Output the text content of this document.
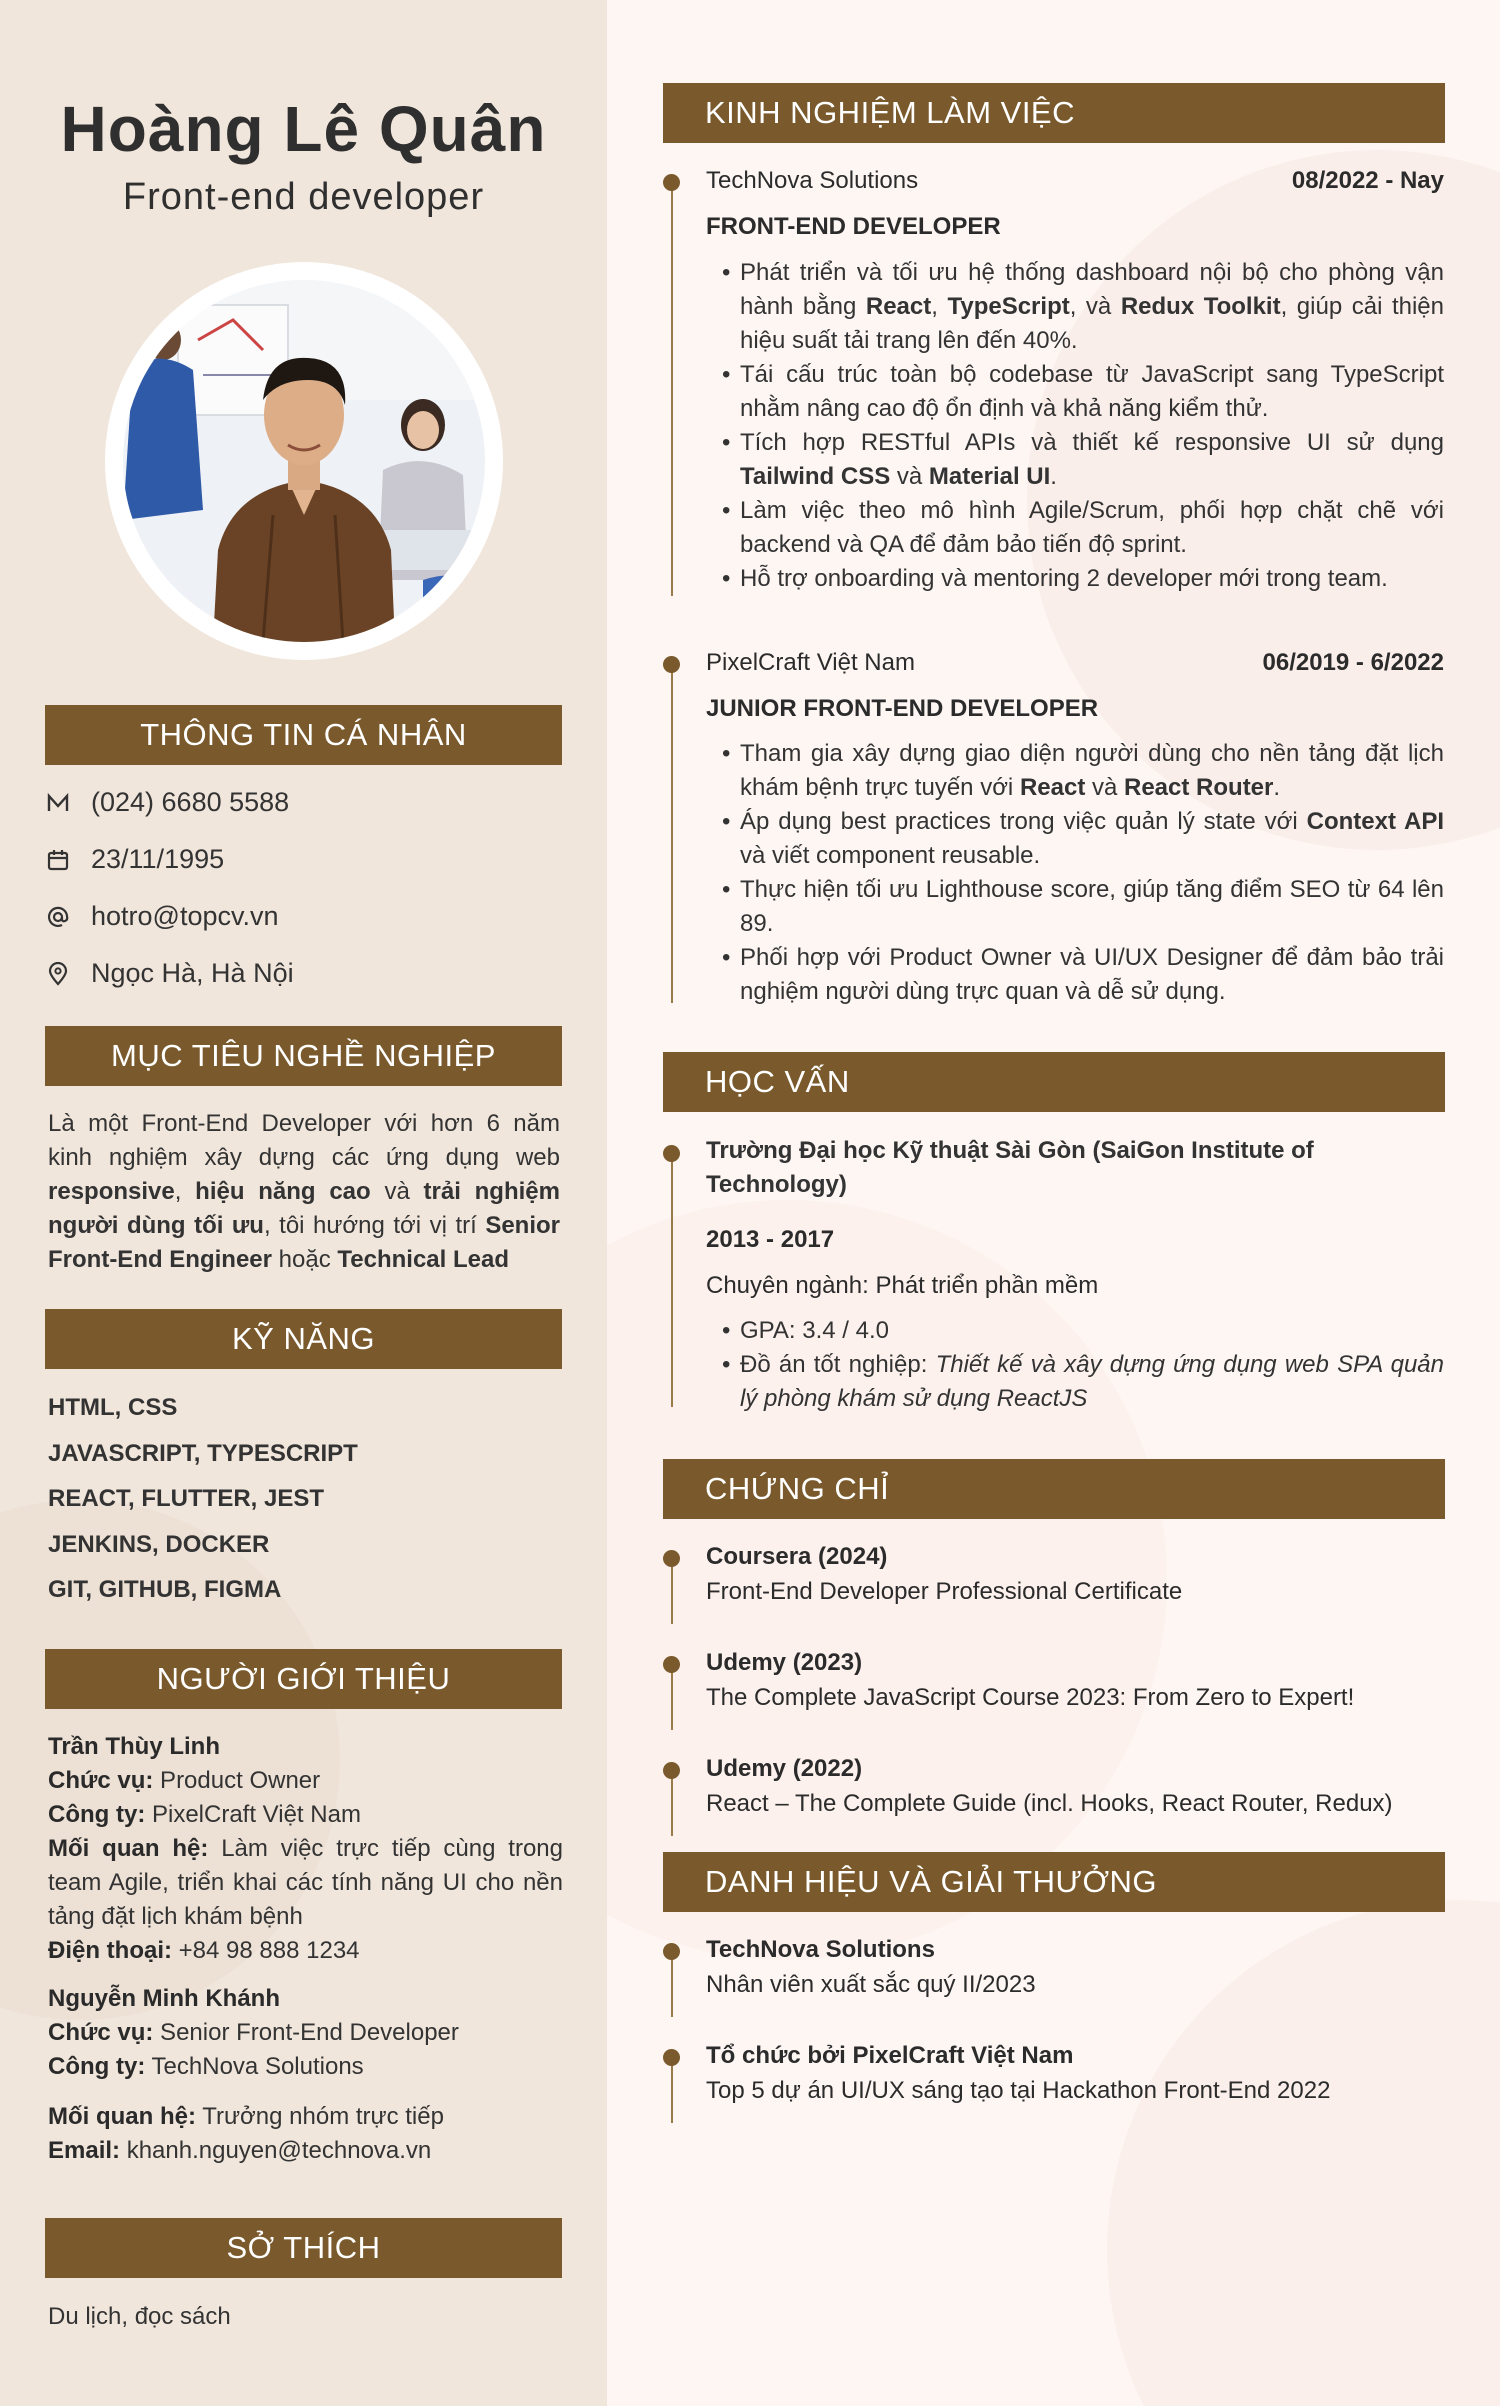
Hoàng Lê Quân
Front-end developer
THÔNG TIN CÁ NHÂN
(024) 6680 5588
23/11/1995
hotro@topcv.vn
Ngọc Hà, Hà Nội
MỤC TIÊU NGHỀ NGHIỆP
Là một Front-End Developer với hơn 6 năm kinh nghiệm xây dựng các ứng dụng web responsive, hiệu năng cao và trải nghiệm người dùng tối ưu, tôi hướng tới vị trí Senior Front-End Engineer hoặc Technical Lead
KỸ NĂNG
HTML, CSS
JAVASCRIPT, TYPESCRIPT
REACT, FLUTTER, JEST
JENKINS, DOCKER
GIT, GITHUB, FIGMA
NGƯỜI GIỚI THIỆU
Trần Thùy Linh
Chức vụ: Product Owner
Công ty: PixelCraft Việt Nam
Mối quan hệ: Làm việc trực tiếp cùng trong team Agile, triển khai các tính năng UI cho nền tảng đặt lịch khám bệnh
Điện thoại: +84 98 888 1234
Nguyễn Minh Khánh
Chức vụ: Senior Front-End Developer
Công ty: TechNova Solutions
Mối quan hệ: Trưởng nhóm trực tiếp
Email: khanh.nguyen@technova.vn
SỞ THÍCH
Du lịch, đọc sách
KINH NGHIỆM LÀM VIỆC
TechNova Solutions	08/2022 - Nay
FRONT-END DEVELOPER
• Phát triển và tối ưu hệ thống dashboard nội bộ cho phòng vận hành bằng React, TypeScript, và Redux Toolkit, giúp cải thiện hiệu suất tải trang lên đến 40%.
• Tái cấu trúc toàn bộ codebase từ JavaScript sang TypeScript nhằm nâng cao độ ổn định và khả năng kiểm thử.
• Tích hợp RESTful APIs và thiết kế responsive UI sử dụng Tailwind CSS và Material UI.
• Làm việc theo mô hình Agile/Scrum, phối hợp chặt chẽ với backend và QA để đảm bảo tiến độ sprint.
• Hỗ trợ onboarding và mentoring 2 developer mới trong team.
PixelCraft Việt Nam	06/2019 - 6/2022
JUNIOR FRONT-END DEVELOPER
• Tham gia xây dựng giao diện người dùng cho nền tảng đặt lịch khám bệnh trực tuyến với React và React Router.
• Áp dụng best practices trong việc quản lý state với Context API và viết component reusable.
• Thực hiện tối ưu Lighthouse score, giúp tăng điểm SEO từ 64 lên 89.
• Phối hợp với Product Owner và UI/UX Designer để đảm bảo trải nghiệm người dùng trực quan và dễ sử dụng.
HỌC VẤN
Trường Đại học Kỹ thuật Sài Gòn (SaiGon Institute of Technology)
2013 - 2017
Chuyên ngành: Phát triển phần mềm
• GPA: 3.4 / 4.0
• Đồ án tốt nghiệp: Thiết kế và xây dựng ứng dụng web SPA quản lý phòng khám sử dụng ReactJS
CHỨNG CHỈ
Coursera (2024)
Front-End Developer Professional Certificate
Udemy (2023)
The Complete JavaScript Course 2023: From Zero to Expert!
Udemy (2022)
React – The Complete Guide (incl. Hooks, React Router, Redux)
DANH HIỆU VÀ GIẢI THƯỞNG
TechNova Solutions
Nhân viên xuất sắc quý II/2023
Tổ chức bởi PixelCraft Việt Nam
Top 5 dự án UI/UX sáng tạo tại Hackathon Front-End 2022
